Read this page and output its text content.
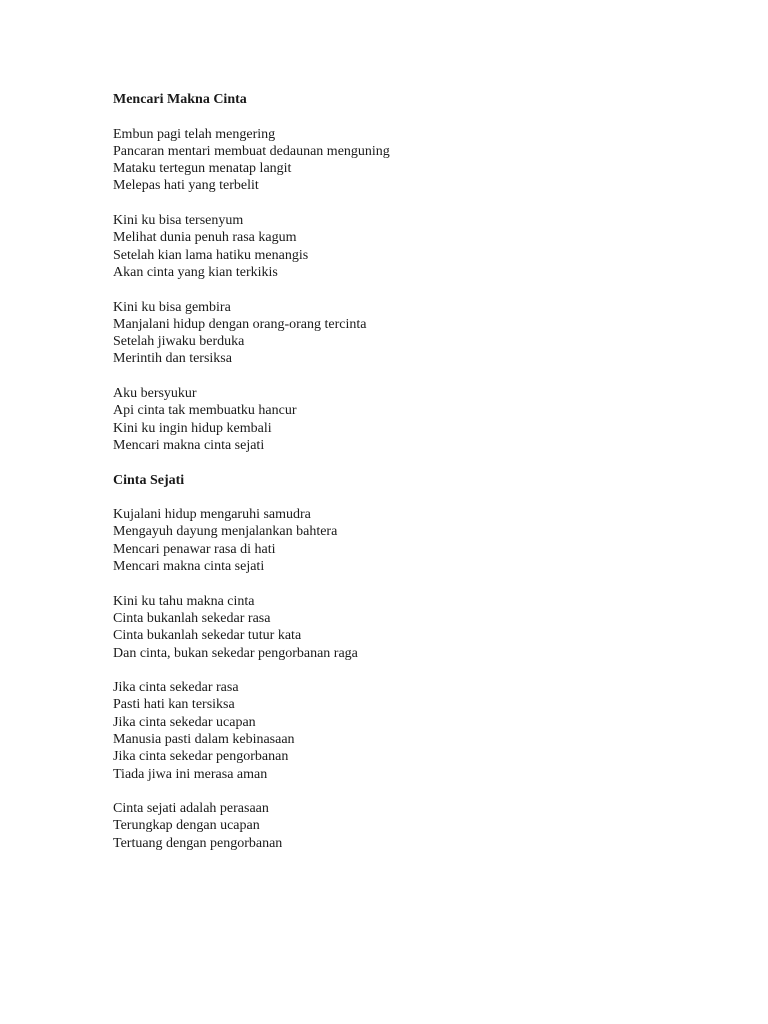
Mencari Makna Cinta
Embun pagi telah mengering
Pancaran mentari membuat dedaunan menguning
Mataku tertegun menatap langit
Melepas hati yang terbelit
Kini ku bisa tersenyum
Melihat dunia penuh rasa kagum
Setelah kian lama hatiku menangis
Akan cinta yang kian terkikis
Kini ku bisa gembira
Manjalani hidup dengan orang-orang tercinta
Setelah jiwaku berduka
Merintih dan tersiksa
Aku bersyukur
Api cinta tak membuatku hancur
Kini ku ingin hidup kembali
Mencari makna cinta sejati
Cinta Sejati
Kujalani hidup mengaruhi samudra
Mengayuh dayung menjalankan bahtera
Mencari penawar rasa di hati
Mencari makna cinta sejati
Kini ku tahu makna cinta
Cinta bukanlah sekedar rasa
Cinta bukanlah sekedar tutur kata
Dan cinta, bukan sekedar pengorbanan raga
Jika cinta sekedar rasa
Pasti hati kan tersiksa
Jika cinta sekedar ucapan
Manusia pasti dalam kebinasaan
Jika cinta sekedar pengorbanan
Tiada jiwa ini merasa aman
Cinta sejati adalah perasaan
Terungkap dengan ucapan
Tertuang dengan pengorbanan
